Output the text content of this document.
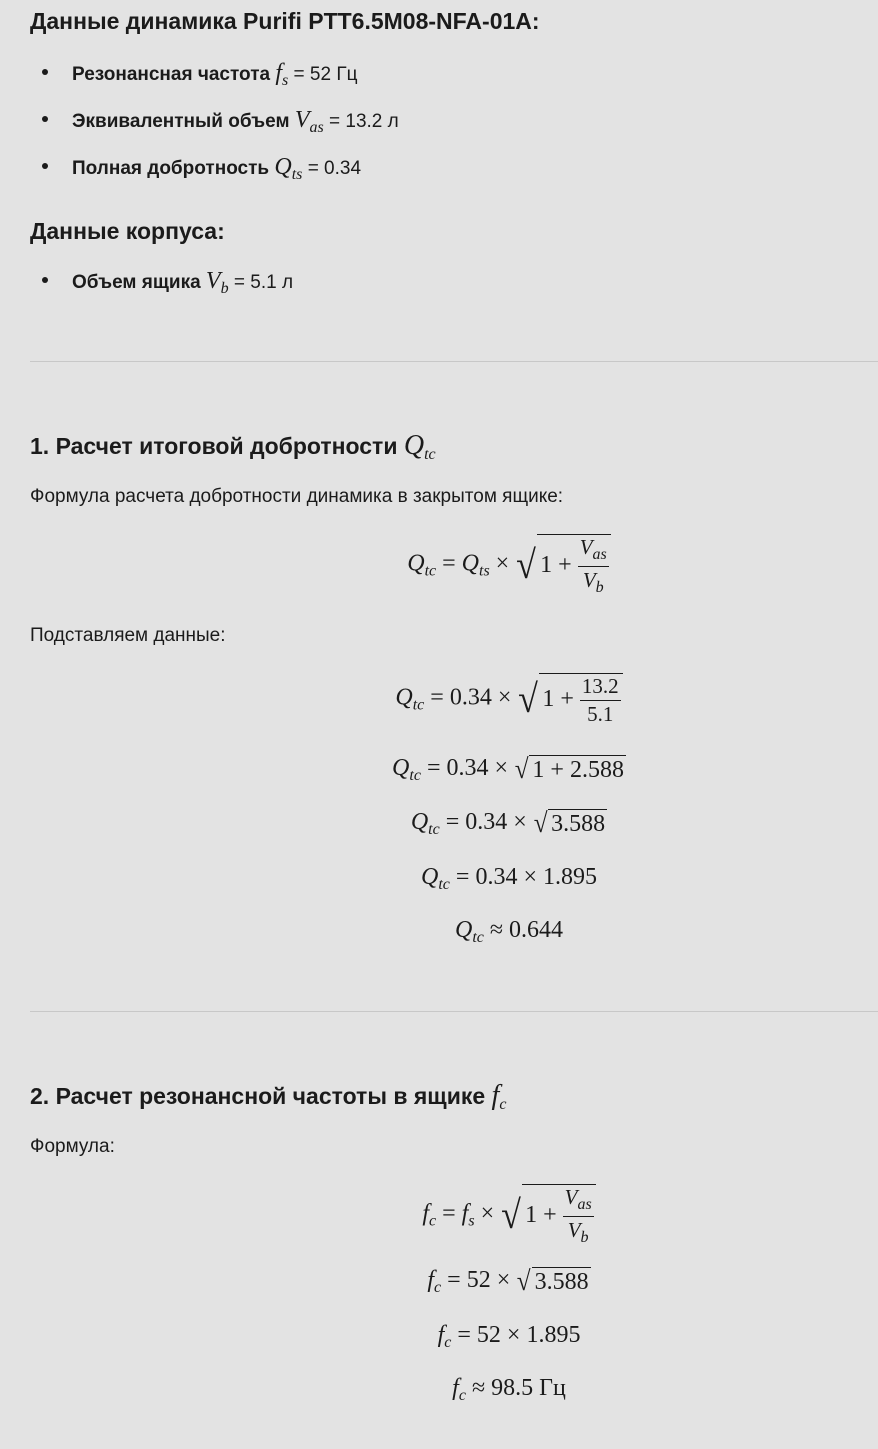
Данные динамика Purifi PTT6.5M08-NFA-01A:
Резонансная частота $f_s = 52$ Гц
Эквивалентный объем $V_{as} = 13.2$ л
Полная добротность $Q_{ts} = 0.34$
Данные корпуса:
Объем ящика $V_b = 5.1$ л
1. Расчет итоговой добротности $Q_{tc}$
Формула расчета добротности динамика в закрытом ящике:
$Q_{tc} = Q_{ts}$ × √ $1 + \frac{V_{as}}{V_b}$
Подставляем данные:
$Q_{tc} = 0.34$ × √ $1 + \frac{13.2}{5.1}$
$Q_{tc} = 0.34$ × √ 1 + 2.588
$Q_{tc} = 0.34$ × √ 3.588
$Q_{tc} = 0.34 \times 1.895$
$Q_{tc} \approx 0.644$
2. Расчет резонансной частоты в ящике $f_c$
Формула:
$f_c = f_s$ × √ $1 + \frac{V_{as}}{V_b}$
$f_c = 52$ × √ 3.588
$f_c = 52 \times 1.895$
$f_c \approx 98.5$ Гц
